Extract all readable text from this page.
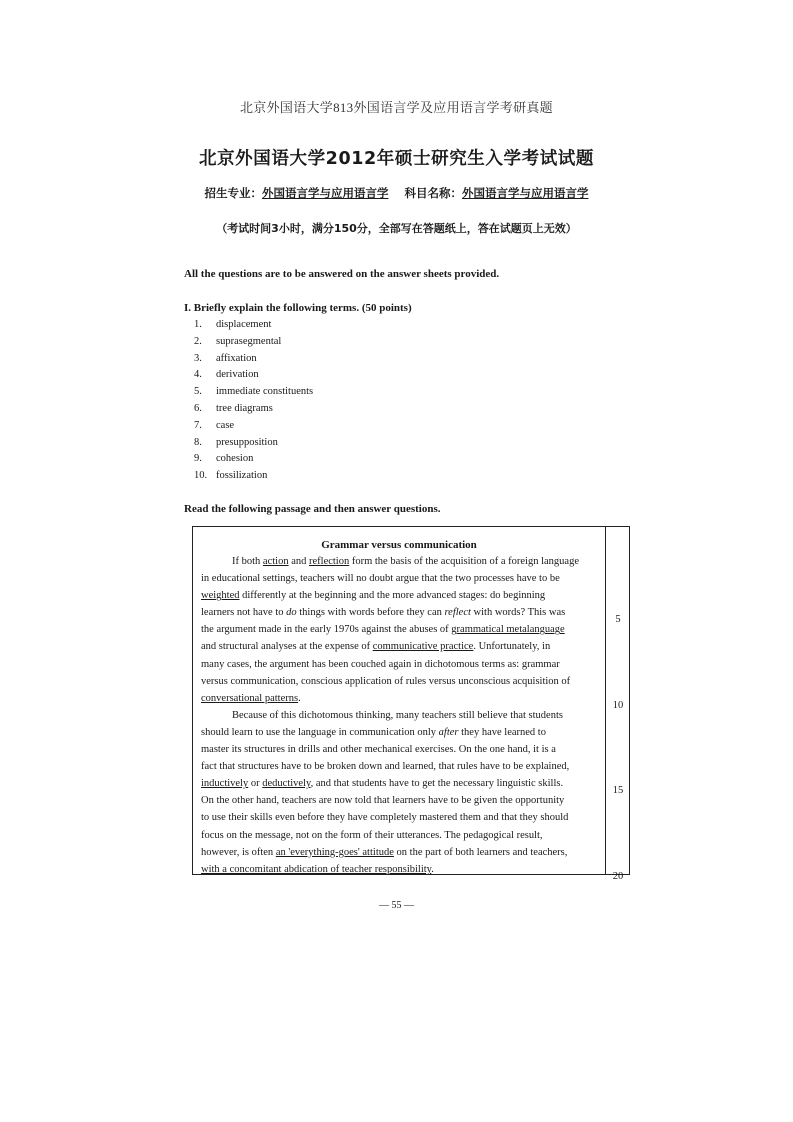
北京外国语大学813外国语言学及应用语言学考研真题
北京外国语大学2012年硕士研究生入学考试试题
招生专业：外国语言学与应用语言学 科目名称：外国语言学与应用语言学
（考试时间3小时，满分150分，全部写在答题纸上，答在试题页上无效）
All the questions are to be answered on the answer sheets provided.
I. Briefly explain the following terms. (50 points)
1. displacement
2. suprasegmental
3. affixation
4. derivation
5. immediate constituents
6. tree diagrams
7. case
8. presupposition
9. cohesion
10. fossilization
Read the following passage and then answer questions.
Grammar versus communication
If both action and reflection form the basis of the acquisition of a foreign language
in educational settings, teachers will no doubt argue that the two processes have to be
weighted differently at the beginning and the more advanced stages: do beginning
learners not have to do things with words before they can reflect with words? This was
the argument made in the early 1970s against the abuses of grammatical metalanguage
and structural analyses at the expense of communicative practice. Unfortunately, in
many cases, the argument has been couched again in dichotomous terms as: grammar
versus communication, conscious application of rules versus unconscious acquisition of
conversational patterns.
Because of this dichotomous thinking, many teachers still believe that students
should learn to use the language in communication only after they have learned to
master its structures in drills and other mechanical exercises. On the one hand, it is a
fact that structures have to be broken down and learned, that rules have to be explained,
inductively or deductively, and that students have to get the necessary linguistic skills.
On the other hand, teachers are now told that learners have to be given the opportunity
to use their skills even before they have completely mastered them and that they should
focus on the message, not on the form of their utterances. The pedagogical result,
however, is often an 'everything-goes' attitude on the part of both learners and teachers,
with a concomitant abdication of teacher responsibility.
5
10
15
20
— 55 —
